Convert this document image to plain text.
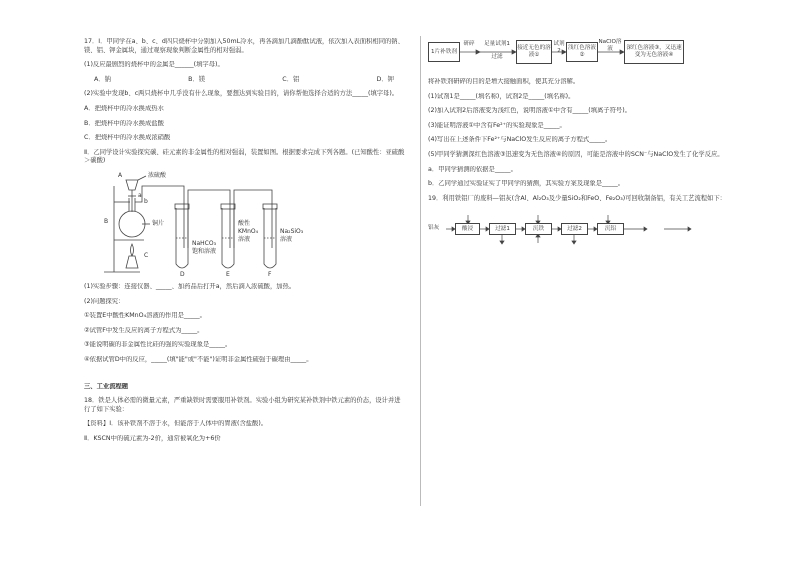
17．Ⅰ．甲同学在a、b、c、d四只烧杯中分别加入50mL冷水，再各滴加几滴酚酞试液，依次加入表面积相同的钠、镁、铝、钾金属块，通过观察现象判断金属性的相对强弱。
(1)反应最剧烈的烧杯中的金属是______(填字母)。
A．钠	B．镁	C．铝	D．钾
(2)实验中发现b、c两只烧杯中几乎没有什么现象，要想达到实验目的，请你帮他选择合适的方法_____(填字母)。
A．把烧杯中的冷水换成热水
B．把烧杯中的冷水换成盐酸
C．把烧杯中的冷水换成浓硝酸
Ⅱ．乙同学设计实验探究碳、硅元素的非金属性的相对强弱，装置如图。根据要求完成下列各题。(已知酸性：亚硫酸＞碳酸)
A	浓硫酸
a
b
B	铜片
C
NaHCO₃
饱和溶液
酸性
KMnO₄
溶液
Na₂SiO₃
溶液
D	E	F
(1)实验步骤：连接仪器、_____、加药品后打开a，然后滴入浓硫酸，加热。
(2)问题探究：
①装置E中酸性KMnO₄溶液的作用是_____。
②试管F中发生反应的离子方程式为_____。
③能说明碳的非金属性比硅的强的实验现象是_____。
④依据试管D中的反应，_____(填"能"或"不能")证明非金属性硫强于碳理由_____。
三、工业流程题
18．铁是人体必需的微量元素，严重缺铁时需要服用补铁剂。实验小组为研究某补铁剂中铁元素的价态，设计并进行了如下实验：
【资料】Ⅰ．该补铁剂不溶于水，但能溶于人体中的胃液(含盐酸)。
Ⅱ．KSCN中的硫元素为-2价，通常被氧化为+6价
1片补铁剂
研碎	足量试剂1
过滤
接近无色的溶液①
试剂2	浅红色溶液②
NaClO溶液	深红色溶液③，又迅速变为无色溶液④
将补铁剂研碎的目的是增大接触面积，使其充分溶解。
(1)试剂1是_____(填名称)，试剂2是_____(填名称)。
(2)加入试剂2后溶液变为浅红色，说明溶液①中含有_____(填离子符号)。
(3)能证明溶液①中含有Fe²⁺的实验现象是_____。
(4)写出在上述条件下Fe²⁺与NaClO发生反应的离子方程式_____。
(5)甲同学猜测深红色溶液③迅速变为无色溶液④的原因，可能是溶液中的SCN⁻与NaClO发生了化学反应。
a．甲同学猜测的依据是_____。
b．乙同学通过实验证实了甲同学的猜测，其实验方案及现象是_____。
19．利用铁铝厂的废料—铝灰(含Al、Al₂O₃及少量SiO₂和FeO、Fe₂O₃)可回收制备铝，有关工艺流程如下：
铝灰	酸浸	过滤1	沉铁	过滤2	沉铝
